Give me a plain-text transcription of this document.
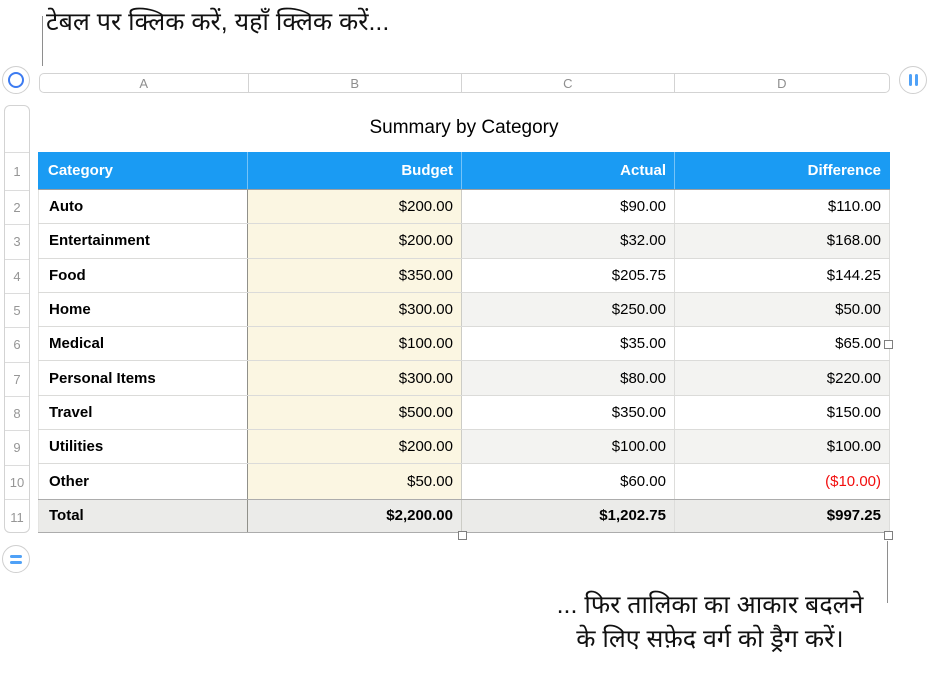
टेबल पर क्लिक करें, यहाँ क्लिक करें...
A	B	C	D
1
2
3
4
5
6
7
8
9
10
11
Summary by Category
Category	Budget	Actual	Difference
Auto	$200.00	$90.00	$110.00
Entertainment	$200.00	$32.00	$168.00
Food	$350.00	$205.75	$144.25
Home	$300.00	$250.00	$50.00
Medical	$100.00	$35.00	$65.00
Personal Items	$300.00	$80.00	$220.00
Travel	$500.00	$350.00	$150.00
Utilities	$200.00	$100.00	$100.00
Other	$50.00	$60.00	($10.00)
Total	$2,200.00	$1,202.75	$997.25
... फिर तालिका का आकार बदलने
के लिए सफ़ेद वर्ग को ड्रैग करें।
